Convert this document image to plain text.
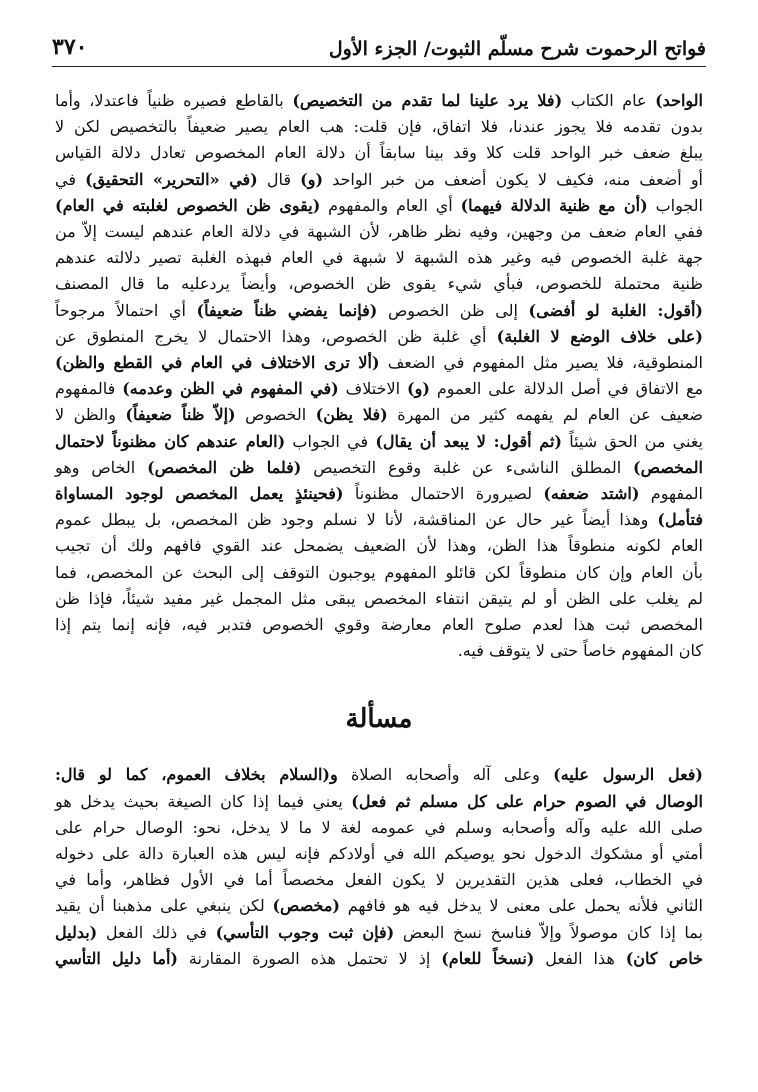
فواتح الرحموت شرح مسلّم الثبوت/ الجزء الأول
٣٧٠

الواحد) عام الكتاب (فلا يرد علينا لما تقدم من التخصيص) بالقاطع فصيره ظنياً فاعتدلا، وأما

بدون تقدمه فلا يجوز عندنا، فلا اتفاق، فإن قلت: هب العام يصير ضعيفاً بالتخصيص لكن لا

يبلغ ضعف خبر الواحد قلت كلا وقد بينا سابقاً أن دلالة العام المخصوص تعادل دلالة القياس

أو أضعف منه، فكيف لا يكون أضعف من خبر الواحد (و) قال (في «التحرير» التحقيق) في

الجواب (أن مع ظنية الدلالة فيهما) أي العام والمفهوم (يقوى ظن الخصوص لغلبته في العام)

ففي العام ضعف من وجهين، وفيه نظر ظاهر، لأن الشبهة في دلالة العام عندهم ليست إلاّ من

جهة غلبة الخصوص فيه وغير هذه الشبهة لا شبهة في العام فبهذه الغلبة تصير دلالته عندهم

ظنية محتملة للخصوص، فبأي شيء يقوى ظن الخصوص، وأيضاً يردعليه ما قال المصنف

(أقول: الغلبة لو أفضى) إلى ظن الخصوص (فإنما يفضي ظناً ضعيفاً) أي احتمالاً مرجوحاً

(على خلاف الوضع لا الغلبة) أي غلبة ظن الخصوص، وهذا الاحتمال لا يخرج المنطوق عن

المنطوقية، فلا يصير مثل المفهوم في الضعف (ألا ترى الاختلاف في العام في القطع والظن)

مع الاتفاق في أصل الدلالة على العموم (و) الاختلاف (في المفهوم في الظن وعدمه) فالمفهوم

ضعيف عن العام لم يفهمه كثير من المهرة (فلا يظن) الخصوص (إلاّ ظناً ضعيفاً) والظن لا

يغني من الحق شيئاً (ثم أقول: لا يبعد أن يقال) في الجواب (العام عندهم كان مظنوناً لاحتمال

المخصص) المطلق الناشىء عن غلبة وقوع التخصيص (فلما ظن المخصص) الخاص وهو

المفهوم (اشتد ضعفه) لصيرورة الاحتمال مظنوناً (فحينئذٍ يعمل المخصص لوجود المساواة

فتأمل) وهذا أيضاً غير حال عن المناقشة، لأنا لا نسلم وجود ظن المخصص، بل يبطل عموم

العام لكونه منطوقاً هذا الظن، وهذا لأن الضعيف يضمحل عند القوي فافهم ولك أن تجيب

بأن العام وإن كان منطوقاً لكن قائلو المفهوم يوجبون التوقف إلى البحث عن المخصص، فما

لم يغلب على الظن أو لم يتيقن انتفاء المخصص يبقى مثل المجمل غير مفيد شيئاً، فإذا ظن

المخصص ثبت هذا لعدم صلوح العام معارضة وقوي الخصوص فتدبر فيه، فإنه إنما يتم إذا

كان المفهوم خاصاً حتى لا يتوقف فيه.

مسألة

(فعل الرسول عليه) وعلى آله وأصحابه الصلاة و(السلام بخلاف العموم، كما لو قال:

الوصال في الصوم حرام على كل مسلم ثم فعل) يعني فيما إذا كان الصيغة بحيث يدخل هو

صلى الله عليه وآله وأصحابه وسلم في عمومه لغة لا ما لا يدخل، نحو: الوصال حرام على

أمتي أو مشكوك الدخول نحو يوصيكم الله في أولادكم فإنه ليس هذه العبارة دالة على دخوله

في الخطاب، فعلى هذين التقديرين لا يكون الفعل مخصصاً أما في الأول فظاهر، وأما في

الثاني فلأنه يحمل على معنى لا يدخل فيه هو فافهم (مخصص) لكن ينبغي على مذهبنا أن يقيد

بما إذا كان موصولاً وإلاّ فناسخ نسخ البعض (فإن ثبت وجوب التأسي) في ذلك الفعل (بدليل

خاص كان) هذا الفعل (نسخاً للعام) إذ لا تحتمل هذه الصورة المقارنة (أما دليل التأسي
